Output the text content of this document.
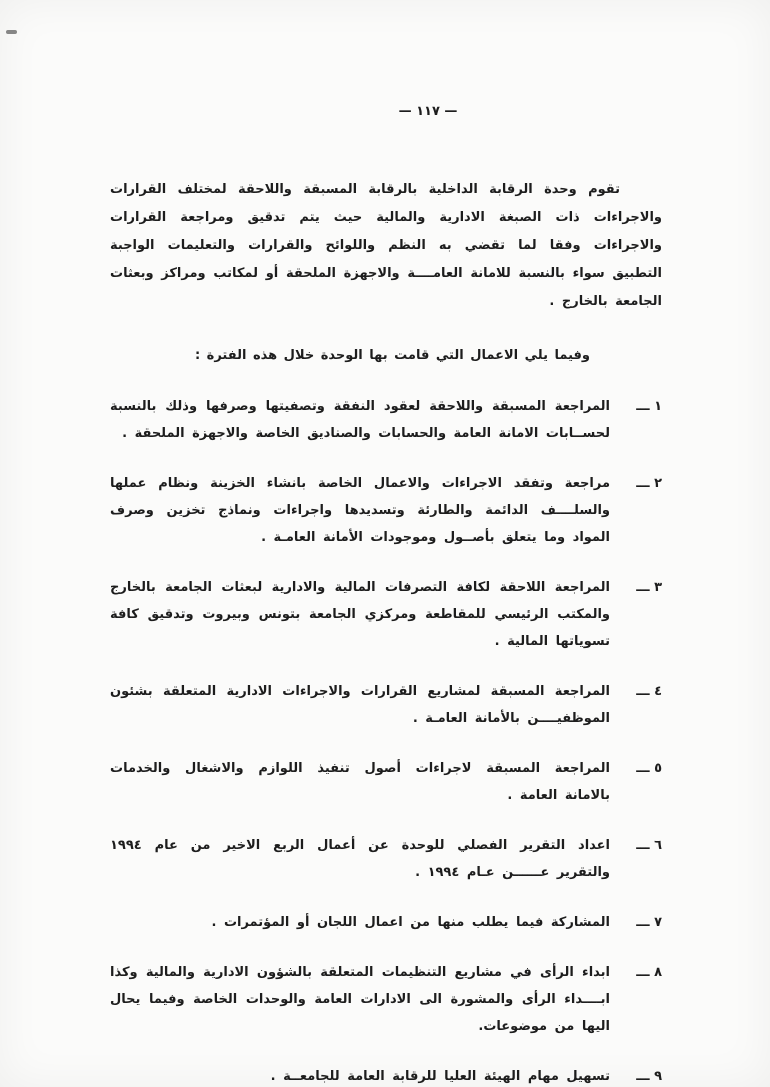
— ١١٧ —

تقوم وحدة الرقابة الداخلية بالرقابة المسبقة واللاحقة لمختلف القرارات والاجراءات ذات الصبغة الادارية والمالية حيث يتم تدقيق ومراجعة القرارات والاجراءات وفقا لما تقضي به النظم واللوائح والقرارات والتعليمات الواجبة التطبيق سواء بالنسبة للامانة العامــــة والاجهزة الملحقة أو لمكاتب ومراكز وبعثات الجامعة بالخارج .

وفيما يلي الاعمال التي قامت بها الوحدة خلال هذه الفترة :

١ ـــ
المراجعة المسبقة واللاحقة لعقود النفقة وتصفيتها وصرفها وذلك بالنسبة لحســابات الامانة العامة والحسابات والصناديق الخاصة والاجهزة الملحقة .
٢ ـــ
مراجعة وتفقد الاجراءات والاعمال الخاصة بانشاء الخزينة ونظام عملها والسلــــف الدائمة والطارئة وتسديدها واجراءات ونماذج تخزين وصرف المواد وما يتعلق بأصــول وموجودات الأمانة العامـة .
٣ ـــ
المراجعة اللاحقة لكافة التصرفات المالية والادارية لبعثات الجامعة بالخارج والمكتب الرئيسي للمقاطعة ومركزي الجامعة بتونس وبيروت وتدقيق كافة تسوياتها المالية .
٤ ـــ
المراجعة المسبقة لمشاريع القرارات والاجراءات الادارية المتعلقة بشئون الموظفيــــن بالأمانة العامـة .
٥ ـــ
المراجعة المسبقة لاجراءات أصول تنفيذ اللوازم والاشغال والخدمات بالامانة العامة .
٦ ـــ
اعداد التقرير الفصلي للوحدة عن أعمال الربع الاخير من عام ١٩٩٤ والتقرير عــــــن عـام ١٩٩٤ .
٧ ـــ
المشاركة فيما يطلب منها من اعمال اللجان أو المؤتمرات .
٨ ـــ
ابداء الرأى في مشاريع التنظيمات المتعلقة بالشؤون الادارية والمالية وكذا ابــــداء الرأى والمشورة الى الادارات العامة والوحدات الخاصة وفيما يحال اليها من موضوعات.
٩ ـــ
تسهيل مهام الهيئة العليا للرقابة العامة للجامعــة .
